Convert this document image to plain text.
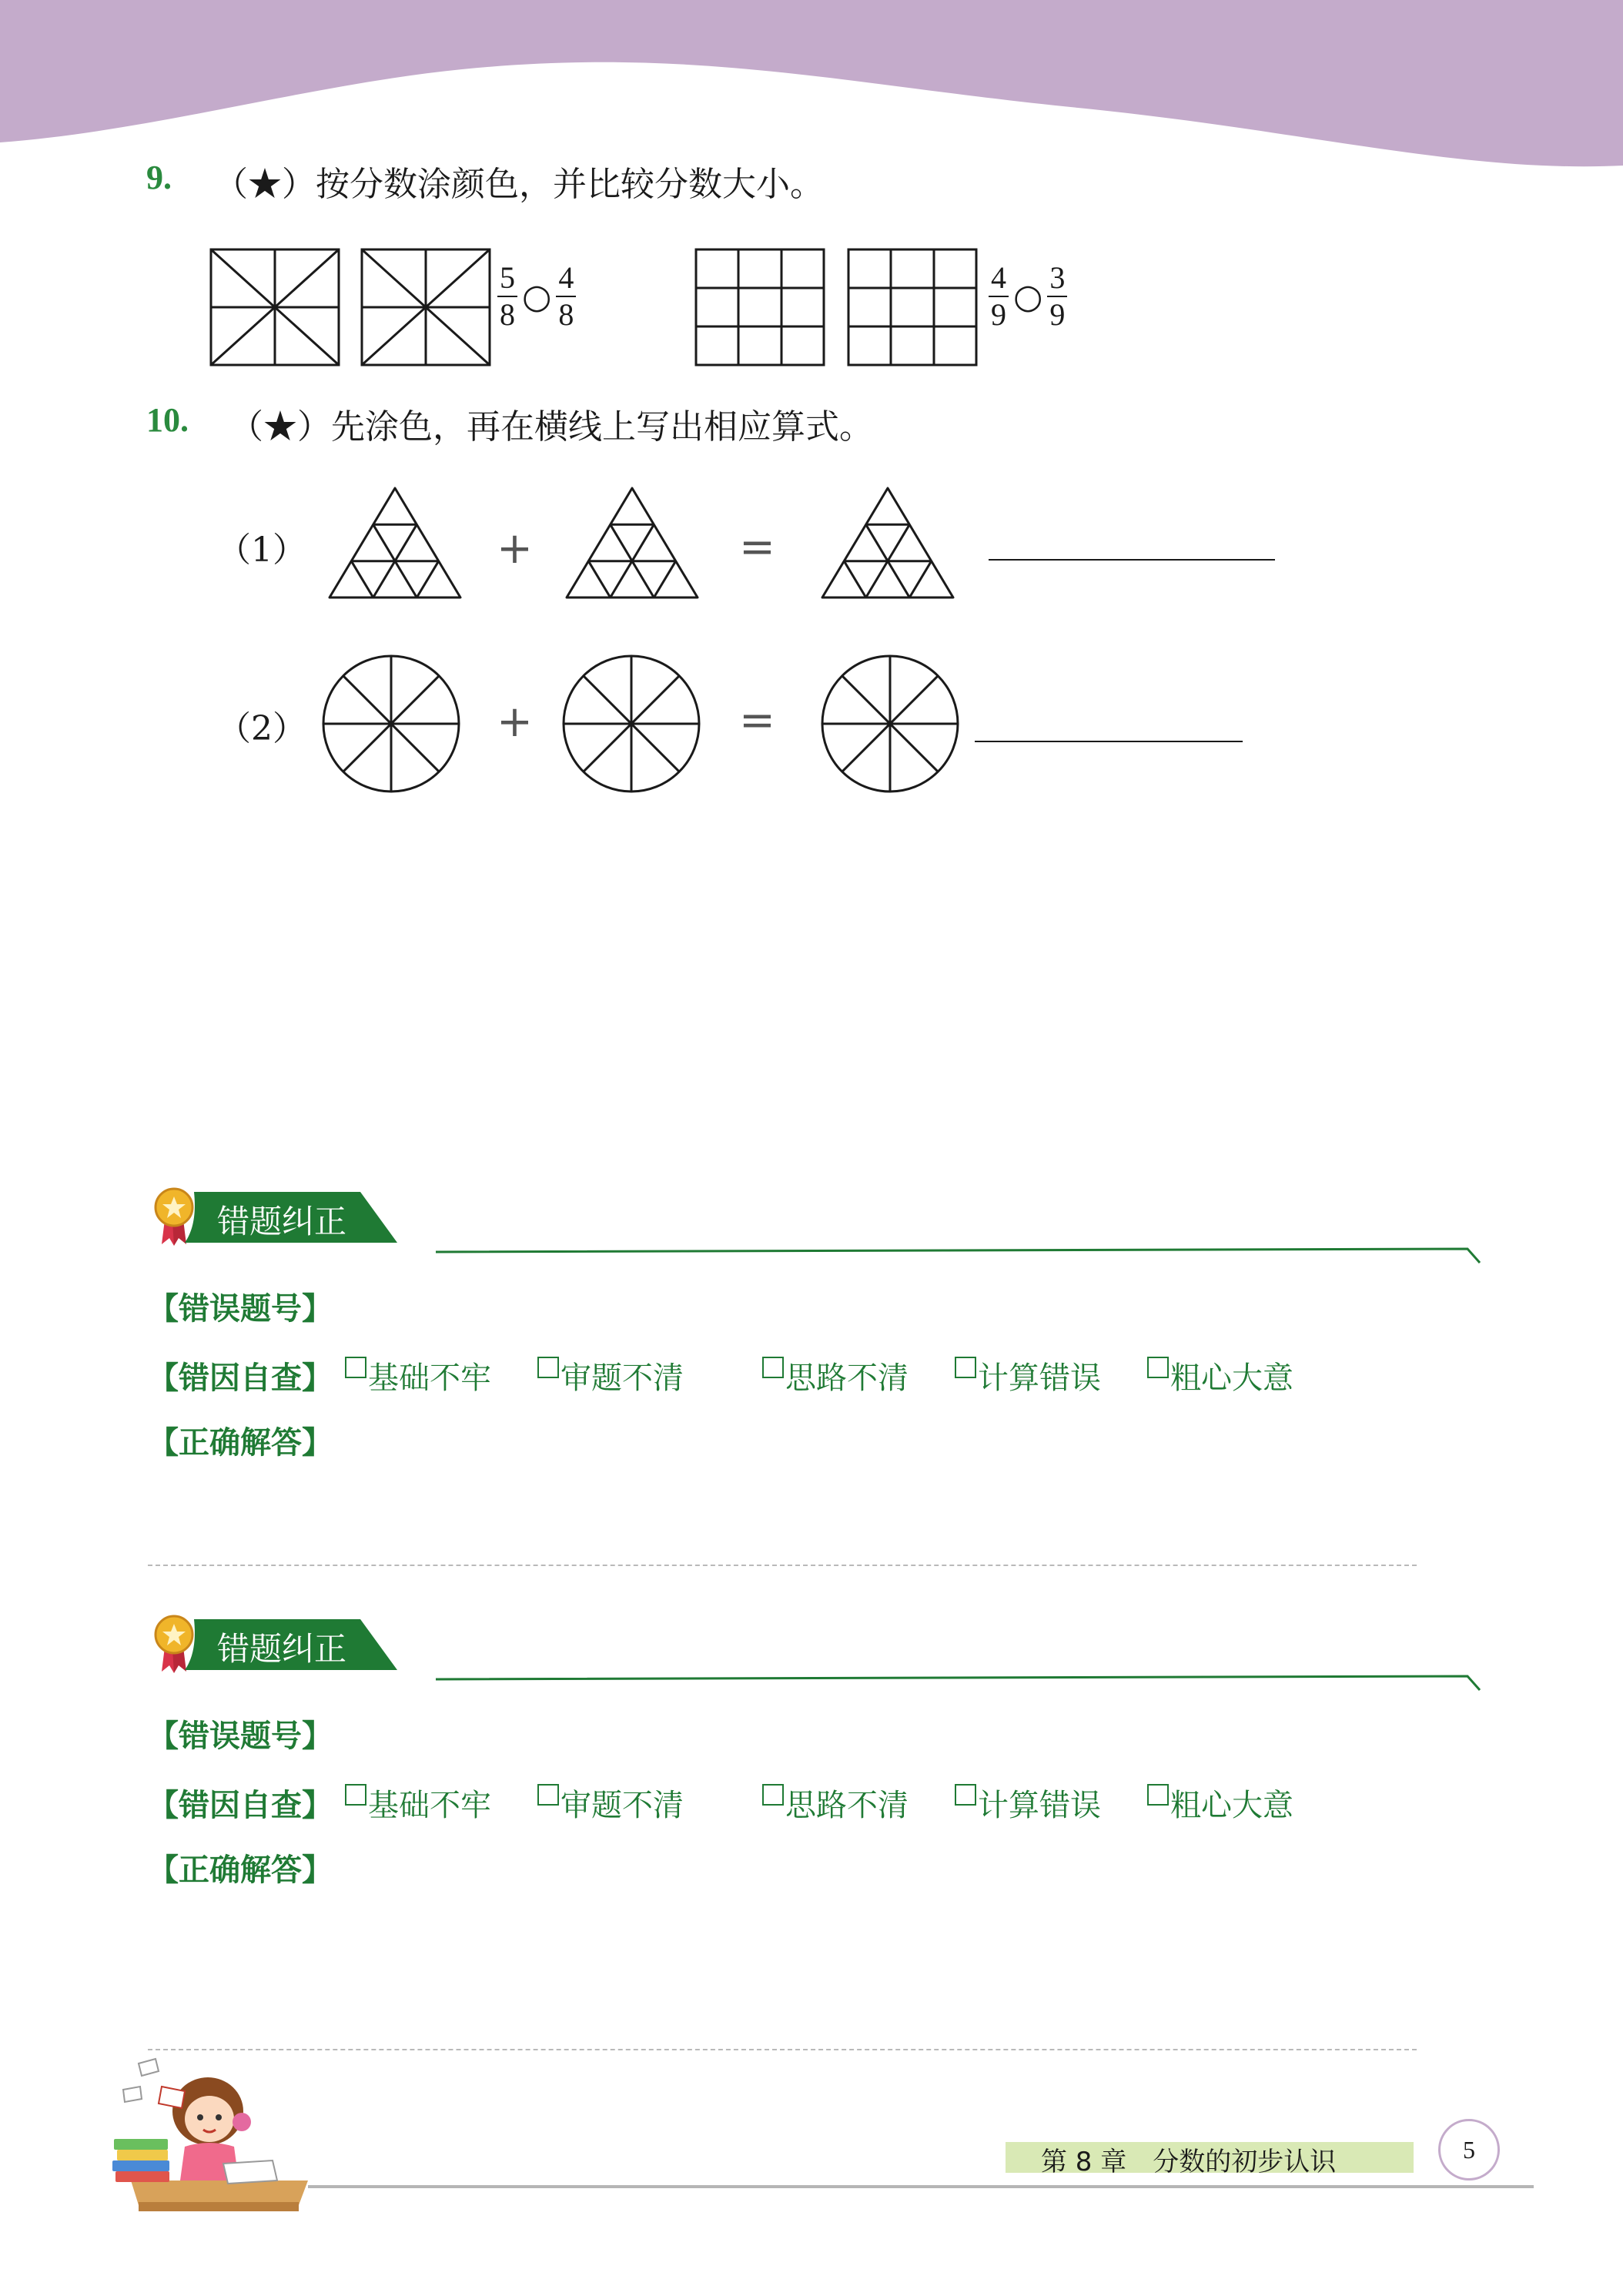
9. （★）按分数涂颜色，并比较分数大小。
$\frac{5}{8}$ ○ $\frac{4}{8}$	$\frac{4}{9}$ ○ $\frac{3}{9}$
10. （★）先涂色，再在横线上写出相应算式。
（1）	+	=
（2）	+	=
错题纠正
【错误题号】
【错因自查】	基础不牢	审题不清	思路不清	计算错误	粗心大意
【正确解答】
错题纠正
【错误题号】
【错因自查】	基础不牢	审题不清	思路不清	计算错误	粗心大意
【正确解答】
第 8 章　分数的初步认识	5
